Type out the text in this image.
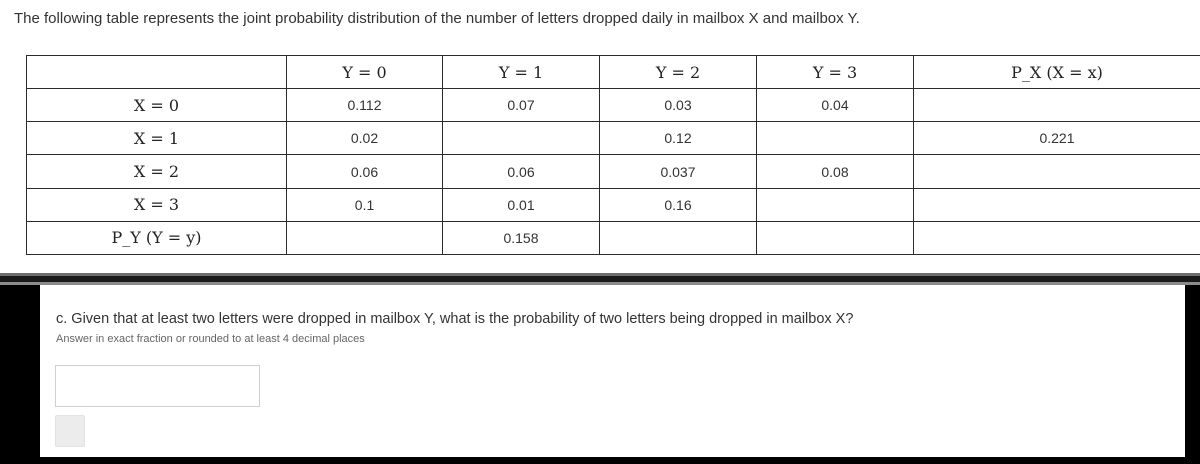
The following table represents the joint probability distribution of the number of letters dropped daily in mailbox X and mailbox Y.
	Y = 0	Y = 1	Y = 2	Y = 3	P_X (X = x)
X = 0	0.112	0.07	0.03	0.04	
X = 1	0.02		0.12		0.221
X = 2	0.06	0.06	0.037	0.08	
X = 3	0.1	0.01	0.16		
P_Y (Y = y)		0.158			
c. Given that at least two letters were dropped in mailbox Y, what is the probability of two letters being dropped in mailbox X?
Answer in exact fraction or rounded to at least 4 decimal places
